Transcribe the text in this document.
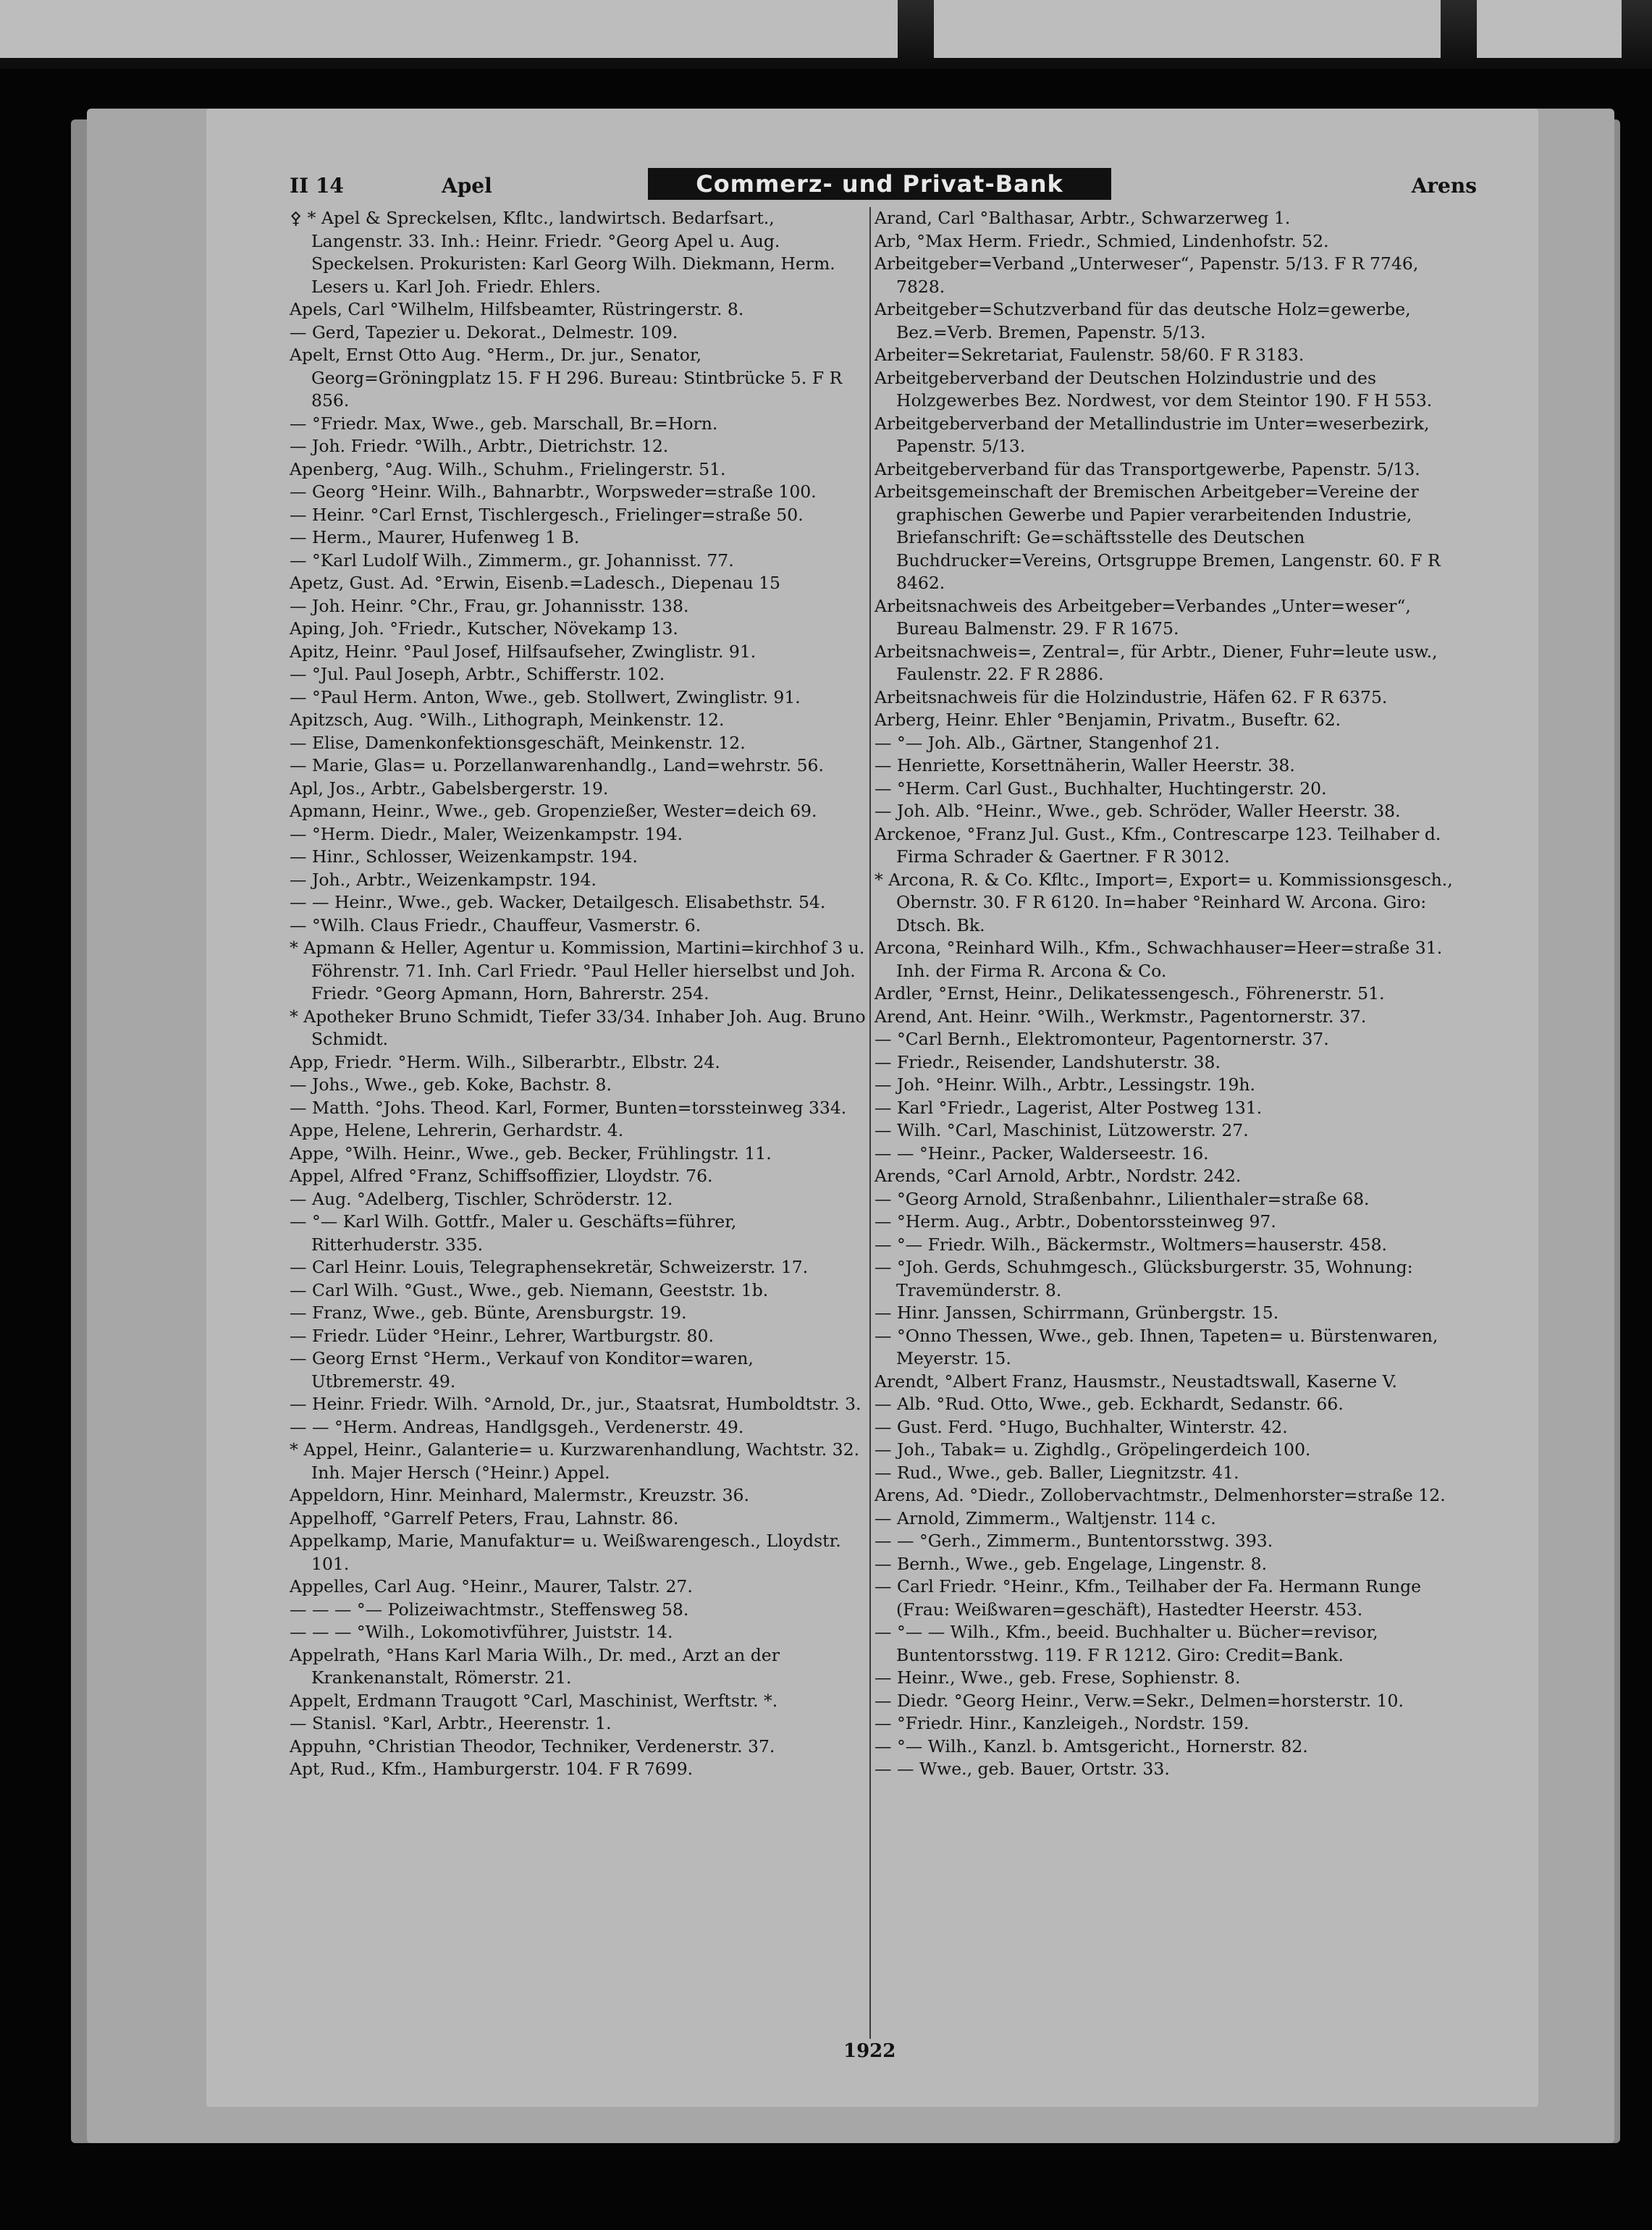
II 14	Apel	Commerz- und Privat-Bank	Arens

⚴ * Apel & Spreckelsen, Kfltc., landwirtsch. Bedarfsart., Langenstr. 33. Inh.: Heinr. Friedr. °Georg Apel u. Aug. Speckelsen. Prokuristen: Karl Georg Wilh. Diekmann, Herm. Lesers u. Karl Joh. Friedr. Ehlers.

Apels, Carl °Wilhelm, Hilfsbeamter, Rüstringerstr. 8.

— Gerd, Tapezier u. Dekorat., Delmestr. 109.

Apelt, Ernst Otto Aug. °Herm., Dr. jur., Senator, Georg=Gröningplatz 15. F H 296. Bureau: Stintbrücke 5. F R 856.

— °Friedr. Max, Wwe., geb. Marschall, Br.=Horn.

— Joh. Friedr. °Wilh., Arbtr., Dietrichstr. 12.

Apenberg, °Aug. Wilh., Schuhm., Frielingerstr. 51.

— Georg °Heinr. Wilh., Bahnarbtr., Worpsweder=straße 100.

— Heinr. °Carl Ernst, Tischlergesch., Frielinger=straße 50.

— Herm., Maurer, Hufenweg 1 B.

— °Karl Ludolf Wilh., Zimmerm., gr. Johannisst. 77.

Apetz, Gust. Ad. °Erwin, Eisenb.=Ladesch., Diepenau 15

— Joh. Heinr. °Chr., Frau, gr. Johannisstr. 138.

Aping, Joh. °Friedr., Kutscher, Növekamp 13.

Apitz, Heinr. °Paul Josef, Hilfsaufseher, Zwinglistr. 91.

— °Jul. Paul Joseph, Arbtr., Schifferstr. 102.

— °Paul Herm. Anton, Wwe., geb. Stollwert, Zwinglistr. 91.

Apitzsch, Aug. °Wilh., Lithograph, Meinkenstr. 12.

— Elise, Damenkonfektionsgeschäft, Meinkenstr. 12.

— Marie, Glas= u. Porzellanwarenhandlg., Land=wehrstr. 56.

Apl, Jos., Arbtr., Gabelsbergerstr. 19.

Apmann, Heinr., Wwe., geb. Gropenzießer, Wester=deich 69.

— °Herm. Diedr., Maler, Weizenkampstr. 194.

— Hinr., Schlosser, Weizenkampstr. 194.

— Joh., Arbtr., Weizenkampstr. 194.

— — Heinr., Wwe., geb. Wacker, Detailgesch. Elisabethstr. 54.

— °Wilh. Claus Friedr., Chauffeur, Vasmerstr. 6.

* Apmann & Heller, Agentur u. Kommission, Martini=kirchhof 3 u. Föhrenstr. 71. Inh. Carl Friedr. °Paul Heller hierselbst und Joh. Friedr. °Georg Apmann, Horn, Bahrerstr. 254.

* Apotheker Bruno Schmidt, Tiefer 33/34. Inhaber Joh. Aug. Bruno Schmidt.

App, Friedr. °Herm. Wilh., Silberarbtr., Elbstr. 24.

— Johs., Wwe., geb. Koke, Bachstr. 8.

— Matth. °Johs. Theod. Karl, Former, Bunten=torssteinweg 334.

Appe, Helene, Lehrerin, Gerhardstr. 4.

Appe, °Wilh. Heinr., Wwe., geb. Becker, Frühlingstr. 11.

Appel, Alfred °Franz, Schiffsoffizier, Lloydstr. 76.

— Aug. °Adelberg, Tischler, Schröderstr. 12.

— °— Karl Wilh. Gottfr., Maler u. Geschäfts=führer, Ritterhuderstr. 335.

— Carl Heinr. Louis, Telegraphensekretär, Schweizerstr. 17.

— Carl Wilh. °Gust., Wwe., geb. Niemann, Geeststr. 1b.

— Franz, Wwe., geb. Bünte, Arensburgstr. 19.

— Friedr. Lüder °Heinr., Lehrer, Wartburgstr. 80.

— Georg Ernst °Herm., Verkauf von Konditor=waren, Utbremerstr. 49.

— Heinr. Friedr. Wilh. °Arnold, Dr., jur., Staatsrat, Humboldtstr. 3.

— — °Herm. Andreas, Handlgsgeh., Verdenerstr. 49.

* Appel, Heinr., Galanterie= u. Kurzwarenhandlung, Wachtstr. 32. Inh. Majer Hersch (°Heinr.) Appel.

Appeldorn, Hinr. Meinhard, Malermstr., Kreuzstr. 36.

Appelhoff, °Garrelf Peters, Frau, Lahnstr. 86.

Appelkamp, Marie, Manufaktur= u. Weißwarengesch., Lloydstr. 101.

Appelles, Carl Aug. °Heinr., Maurer, Talstr. 27.

— — — °— Polizeiwachtmstr., Steffensweg 58.

— — — °Wilh., Lokomotivführer, Juiststr. 14.

Appelrath, °Hans Karl Maria Wilh., Dr. med., Arzt an der Krankenanstalt, Römerstr. 21.

Appelt, Erdmann Traugott °Carl, Maschinist, Werftstr. *.

— Stanisl. °Karl, Arbtr., Heerenstr. 1.

Appuhn, °Christian Theodor, Techniker, Verdenerstr. 37.

Apt, Rud., Kfm., Hamburgerstr. 104. F R 7699.

Arand, Carl °Balthasar, Arbtr., Schwarzerweg 1.

Arb, °Max Herm. Friedr., Schmied, Lindenhofstr. 52.

Arbeitgeber=Verband „Unterweser“, Papenstr. 5/13. F R 7746, 7828.

Arbeitgeber=Schutzverband für das deutsche Holz=gewerbe, Bez.=Verb. Bremen, Papenstr. 5/13.

Arbeiter=Sekretariat, Faulenstr. 58/60. F R 3183.

Arbeitgeberverband der Deutschen Holzindustrie und des Holzgewerbes Bez. Nordwest, vor dem Steintor 190. F H 553.

Arbeitgeberverband der Metallindustrie im Unter=weserbezirk, Papenstr. 5/13.

Arbeitgeberverband für das Transportgewerbe, Papenstr. 5/13.

Arbeitsgemeinschaft der Bremischen Arbeitgeber=Vereine der graphischen Gewerbe und Papier verarbeitenden Industrie, Briefanschrift: Ge=schäftsstelle des Deutschen Buchdrucker=Vereins, Ortsgruppe Bremen, Langenstr. 60. F R 8462.

Arbeitsnachweis des Arbeitgeber=Verbandes „Unter=weser“, Bureau Balmenstr. 29. F R 1675.

Arbeitsnachweis=, Zentral=, für Arbtr., Diener, Fuhr=leute usw., Faulenstr. 22. F R 2886.

Arbeitsnachweis für die Holzindustrie, Häfen 62. F R 6375.

Arberg, Heinr. Ehler °Benjamin, Privatm., Buseftr. 62.

— °— Joh. Alb., Gärtner, Stangenhof 21.

— Henriette, Korsettnäherin, Waller Heerstr. 38.

— °Herm. Carl Gust., Buchhalter, Huchtingerstr. 20.

— Joh. Alb. °Heinr., Wwe., geb. Schröder, Waller Heerstr. 38.

Arckenoe, °Franz Jul. Gust., Kfm., Contrescarpe 123. Teilhaber d. Firma Schrader & Gaertner. F R 3012.

* Arcona, R. & Co. Kfltc., Import=, Export= u. Kommissionsgesch., Obernstr. 30. F R 6120. In=haber °Reinhard W. Arcona. Giro: Dtsch. Bk.

Arcona, °Reinhard Wilh., Kfm., Schwachhauser=Heer=straße 31. Inh. der Firma R. Arcona & Co.

Ardler, °Ernst, Heinr., Delikatessengesch., Föhrenerstr. 51.

Arend, Ant. Heinr. °Wilh., Werkmstr., Pagentornerstr. 37.

— °Carl Bernh., Elektromonteur, Pagentornerstr. 37.

— Friedr., Reisender, Landshuterstr. 38.

— Joh. °Heinr. Wilh., Arbtr., Lessingstr. 19h.

— Karl °Friedr., Lagerist, Alter Postweg 131.

— Wilh. °Carl, Maschinist, Lützowerstr. 27.

— — °Heinr., Packer, Walderseestr. 16.

Arends, °Carl Arnold, Arbtr., Nordstr. 242.

— °Georg Arnold, Straßenbahnr., Lilienthaler=straße 68.

— °Herm. Aug., Arbtr., Dobentorssteinweg 97.

— °— Friedr. Wilh., Bäckermstr., Woltmers=hauserstr. 458.

— °Joh. Gerds, Schuhmgesch., Glücksburgerstr. 35, Wohnung: Travemünderstr. 8.

— Hinr. Janssen, Schirrmann, Grünbergstr. 15.

— °Onno Thessen, Wwe., geb. Ihnen, Tapeten= u. Bürstenwaren, Meyerstr. 15.

Arendt, °Albert Franz, Hausmstr., Neustadtswall, Kaserne V.

— Alb. °Rud. Otto, Wwe., geb. Eckhardt, Sedanstr. 66.

— Gust. Ferd. °Hugo, Buchhalter, Winterstr. 42.

— Joh., Tabak= u. Zighdlg., Gröpelingerdeich 100.

— Rud., Wwe., geb. Baller, Liegnitzstr. 41.

Arens, Ad. °Diedr., Zollobervachtmstr., Delmenhorster=straße 12.

— Arnold, Zimmerm., Waltjenstr. 114 c.

— — °Gerh., Zimmerm., Buntentorsstwg. 393.

— Bernh., Wwe., geb. Engelage, Lingenstr. 8.

— Carl Friedr. °Heinr., Kfm., Teilhaber der Fa. Hermann Runge (Frau: Weißwaren=geschäft), Hastedter Heerstr. 453.

— °— — Wilh., Kfm., beeid. Buchhalter u. Bücher=revisor, Buntentorsstwg. 119. F R 1212. Giro: Credit=Bank.

— Heinr., Wwe., geb. Frese, Sophienstr. 8.

— Diedr. °Georg Heinr., Verw.=Sekr., Delmen=horsterstr. 10.

— °Friedr. Hinr., Kanzleigeh., Nordstr. 159.

— °— Wilh., Kanzl. b. Amtsgericht., Hornerstr. 82.

— — Wwe., geb. Bauer, Ortstr. 33.

1922
